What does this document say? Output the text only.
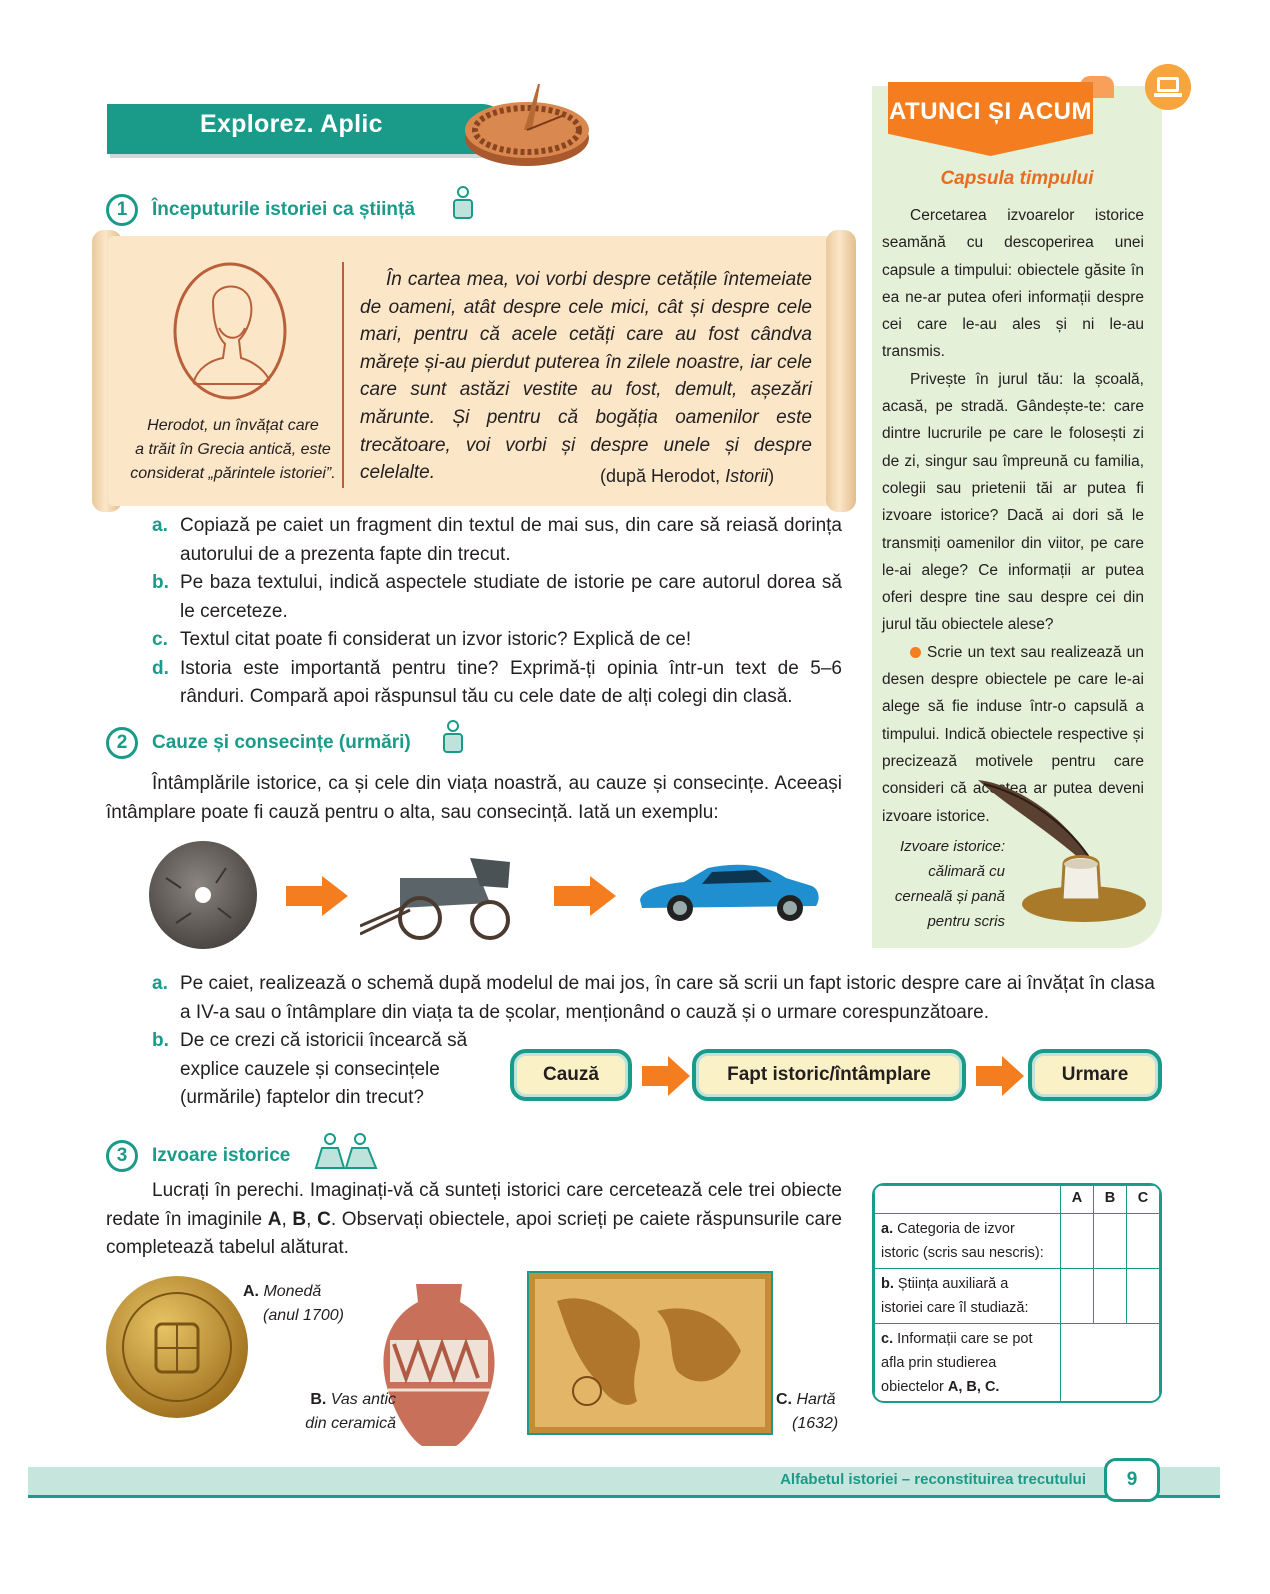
Explorez. Aplic
1	Începuturile istoriei ca știință
Herodot, un învățat care
a trăit în Grecia antică, este
considerat „părintele istoriei”.
În cartea mea, voi vorbi despre cetățile întemeiate de oameni, atât despre cele mici, cât și despre cele mari, pentru că acele cetăți care au fost cândva mărețe și-au pierdut puterea în zilele noastre, iar cele care sunt astăzi vestite au fost, demult, așezări mărunte. Și pentru că bogăția oamenilor este trecătoare, voi vorbi și despre unele și despre celelalte.	(după Herodot, Istorii)
a. Copiază pe caiet un fragment din textul de mai sus, din care să reiasă dorința autorului de a prezenta fapte din trecut.
b. Pe baza textului, indică aspectele studiate de istorie pe care autorul dorea să le cerceteze.
c. Textul citat poate fi considerat un izvor istoric? Explică de ce!
d. Istoria este importantă pentru tine? Exprimă-ți opinia într-un text de 5–6 rânduri. Compară apoi răspunsul tău cu cele date de alți colegi din clasă.
2	Cauze și consecințe (urmări)
Întâmplările istorice, ca și cele din viața noastră, au cauze și consecințe. Aceeași întâmplare poate fi cauză pentru o alta, sau consecință. Iată un exemplu:
a. Pe caiet, realizează o schemă după modelul de mai jos, în care să scrii un fapt istoric despre care ai învățat în clasa a IV-a sau o întâmplare din viața ta de școlar, menționând o cauză și o urmare corespunzătoare.
b. De ce crezi că istoricii încearcă să explice cauzele și consecințele (urmările) faptelor din trecut?
Cauză	Fapt istoric/întâmplare	Urmare
3	Izvoare istorice
Lucrați în perechi. Imaginați-vă că sunteți istorici care cercetează cele trei obiecte redate în imaginile A, B, C. Observați obiectele, apoi scrieți pe caiete răspunsurile care completează tabelul alăturat.
A. Monedă
(anul 1700)
B. Vas antic
din ceramică
C. Hartă
(1632)
	A	B	C
a. Categoria de izvor istoric (scris sau nescris):			
b. Știința auxiliară a istoriei care îl studiază:			
c. Informații care se pot afla prin studierea obiectelor A, B, C.			
ATUNCI ȘI ACUM
Capsula timpului

Cercetarea izvoarelor istorice seamănă cu descoperirea unei capsule a timpului: obiectele găsite în ea ne-ar putea oferi informații despre cei care le-au ales și ni le-au transmis.

Privește în jurul tău: la școală, acasă, pe stradă. Gândește-te: care dintre lucrurile pe care le folosești zi de zi, singur sau împreună cu familia, colegii sau prietenii tăi ar putea fi izvoare istorice? Dacă ai dori să le transmiți oamenilor din viitor, pe care le-ai alege? Ce informații ar putea oferi despre tine sau despre cei din jurul tău obiectele alese?

Scrie un text sau realizează un desen despre obiectele pe care le-ai alege să fie induse într-o capsulă a timpului. Indică obiectele respective și precizează motivele pentru care consideri că acestea ar putea deveni izvoare istorice.

Izvoare istorice:
călimară cu
cerneală și pană
pentru scris
Alfabetul istoriei – reconstituirea trecutului	9
